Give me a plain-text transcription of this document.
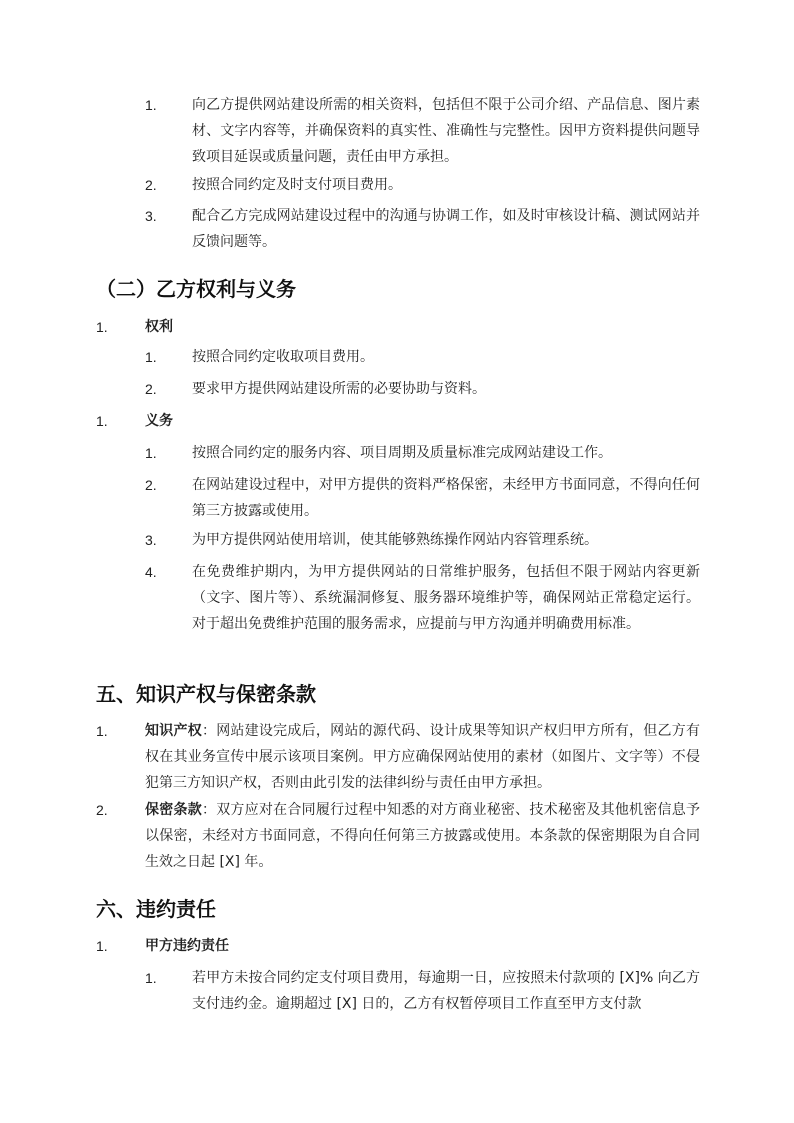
1.	向乙方提供网站建设所需的相关资料，包括但不限于公司介绍、产品信息、图片素材、文字内容等，并确保资料的真实性、准确性与完整性。因甲方资料提供问题导致项目延误或质量问题，责任由甲方承担。
2.	按照合同约定及时支付项目费用。
3.	配合乙方完成网站建设过程中的沟通与协调工作，如及时审核设计稿、测试网站并反馈问题等。
（二）乙方权利与义务
1.	权利
1.	按照合同约定收取项目费用。
2.	要求甲方提供网站建设所需的必要协助与资料。
1.	义务
1.	按照合同约定的服务内容、项目周期及质量标准完成网站建设工作。
2.	在网站建设过程中，对甲方提供的资料严格保密，未经甲方书面同意，不得向任何第三方披露或使用。
3.	为甲方提供网站使用培训，使其能够熟练操作网站内容管理系统。
4.	在免费维护期内，为甲方提供网站的日常维护服务，包括但不限于网站内容更新（文字、图片等）、系统漏洞修复、服务器环境维护等，确保网站正常稳定运行。对于超出免费维护范围的服务需求，应提前与甲方沟通并明确费用标准。
五、知识产权与保密条款
1.	知识产权：网站建设完成后，网站的源代码、设计成果等知识产权归甲方所有，但乙方有权在其业务宣传中展示该项目案例。甲方应确保网站使用的素材（如图片、文字等）不侵犯第三方知识产权，否则由此引发的法律纠纷与责任由甲方承担。
2.	保密条款：双方应对在合同履行过程中知悉的对方商业秘密、技术秘密及其他机密信息予以保密，未经对方书面同意，不得向任何第三方披露或使用。本条款的保密期限为自合同生效之日起 [X] 年。
六、违约责任
1.	甲方违约责任
1.	若甲方未按合同约定支付项目费用，每逾期一日，应按照未付款项的 [X]% 向乙方支付违约金。逾期超过 [X] 日的，乙方有权暂停项目工作直至甲方支付款
